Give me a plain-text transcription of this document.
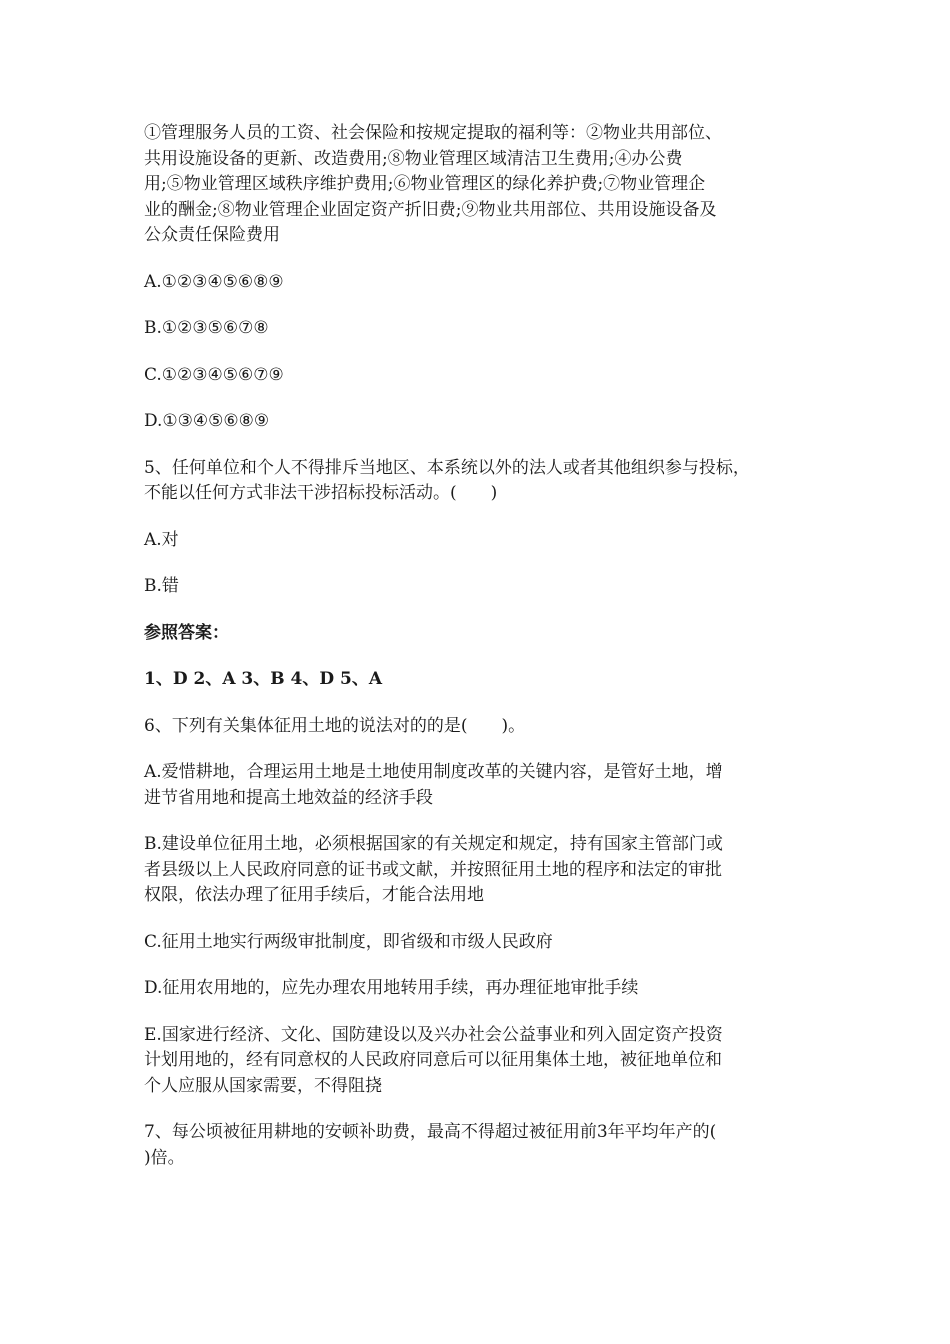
①管理服务人员的工资、社会保险和按规定提取的福利等：②物业共用部位、
共用设施设备的更新、改造费用;⑧物业管理区域清洁卫生费用;④办公费
用;⑤物业管理区域秩序维护费用;⑥物业管理区的绿化养护费;⑦物业管理企
业的酬金;⑧物业管理企业固定资产折旧费;⑨物业共用部位、共用设施设备及
公众责任保险费用

A.①②③④⑤⑥⑧⑨

B.①②③⑤⑥⑦⑧

C.①②③④⑤⑥⑦⑨

D.①③④⑤⑥⑧⑨

5、任何单位和个人不得排斥当地区、本系统以外的法人或者其他组织参与投标，
不能以任何方式非法干涉招标投标活动。(　　)

A.对

B.错

参照答案：

1、D 2、A 3、B 4、D 5、A

6、下列有关集体征用土地的说法对的的是(　　)。

A.爱惜耕地，合理运用土地是土地使用制度改革的关键内容，是管好土地，增
进节省用地和提高土地效益的经济手段

B.建设单位征用土地，必须根据国家的有关规定和规定，持有国家主管部门或
者县级以上人民政府同意的证书或文献，并按照征用土地的程序和法定的审批
权限，依法办理了征用手续后，才能合法用地

C.征用土地实行两级审批制度，即省级和市级人民政府

D.征用农用地的，应先办理农用地转用手续，再办理征地审批手续

E.国家进行经济、文化、国防建设以及兴办社会公益事业和列入固定资产投资
计划用地的，经有同意权的人民政府同意后可以征用集体土地，被征地单位和
个人应服从国家需要，不得阻挠

7、每公顷被征用耕地的安顿补助费，最高不得超过被征用前3年平均年产的(
)倍。
